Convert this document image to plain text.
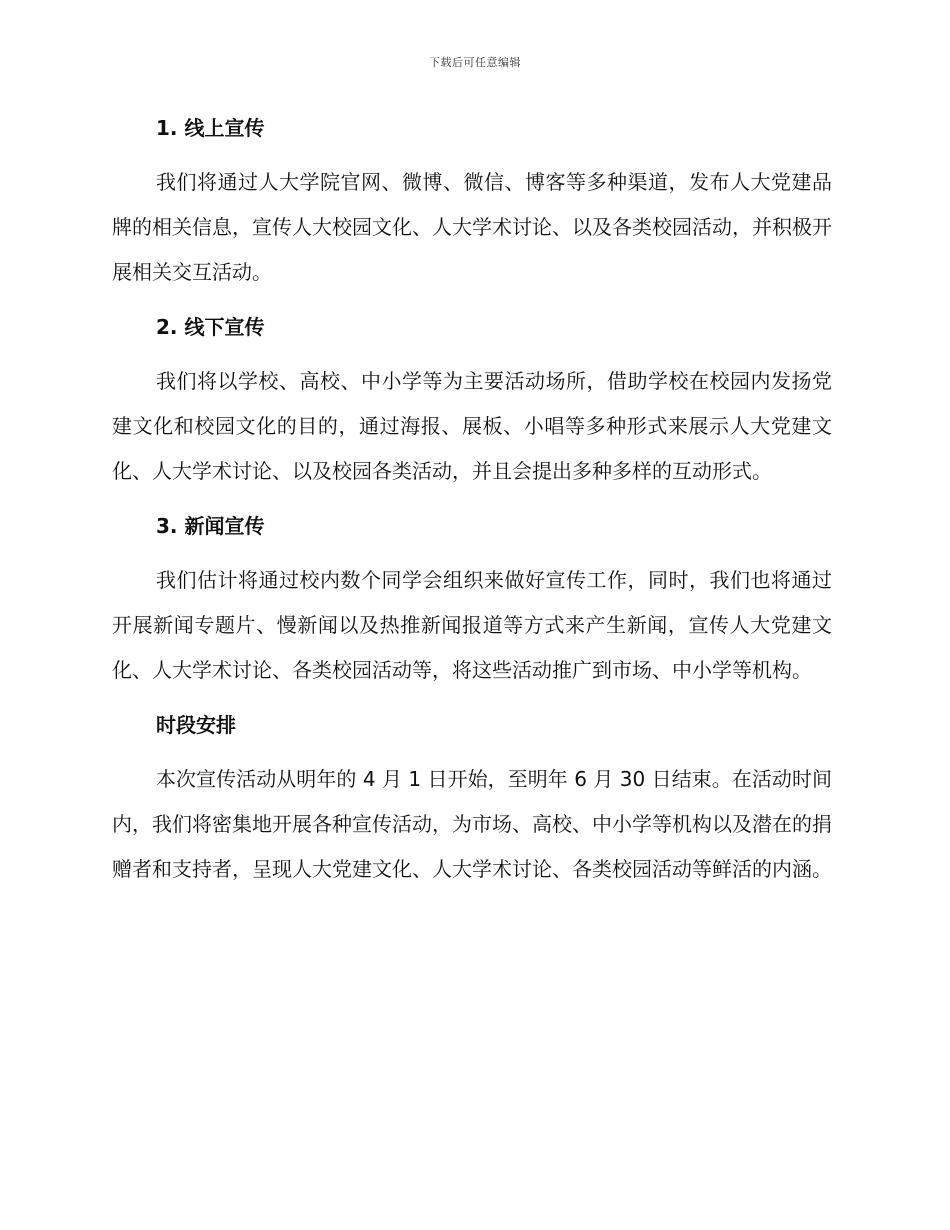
下载后可任意编辑
1. 线上宣传

我们将通过人大学院官网、微博、微信、博客等多种渠道，发布人大党建品牌的相关信息，宣传人大校园文化、人大学术讨论、以及各类校园活动，并积极开展相关交互活动。

2. 线下宣传

我们将以学校、高校、中小学等为主要活动场所，借助学校在校园内发扬党建文化和校园文化的目的，通过海报、展板、小唱等多种形式来展示人大党建文化、人大学术讨论、以及校园各类活动，并且会提出多种多样的互动形式。

3. 新闻宣传

我们估计将通过校内数个同学会组织来做好宣传工作，同时，我们也将通过开展新闻专题片、慢新闻以及热推新闻报道等方式来产生新闻，宣传人大党建文化、人大学术讨论、各类校园活动等，将这些活动推广到市场、中小学等机构。

时段安排

本次宣传活动从明年的 4 月 1 日开始，至明年 6 月 30 日结束。在活动时间内，我们将密集地开展各种宣传活动，为市场、高校、中小学等机构以及潜在的捐赠者和支持者，呈现人大党建文化、人大学术讨论、各类校园活动等鲜活的内涵。
